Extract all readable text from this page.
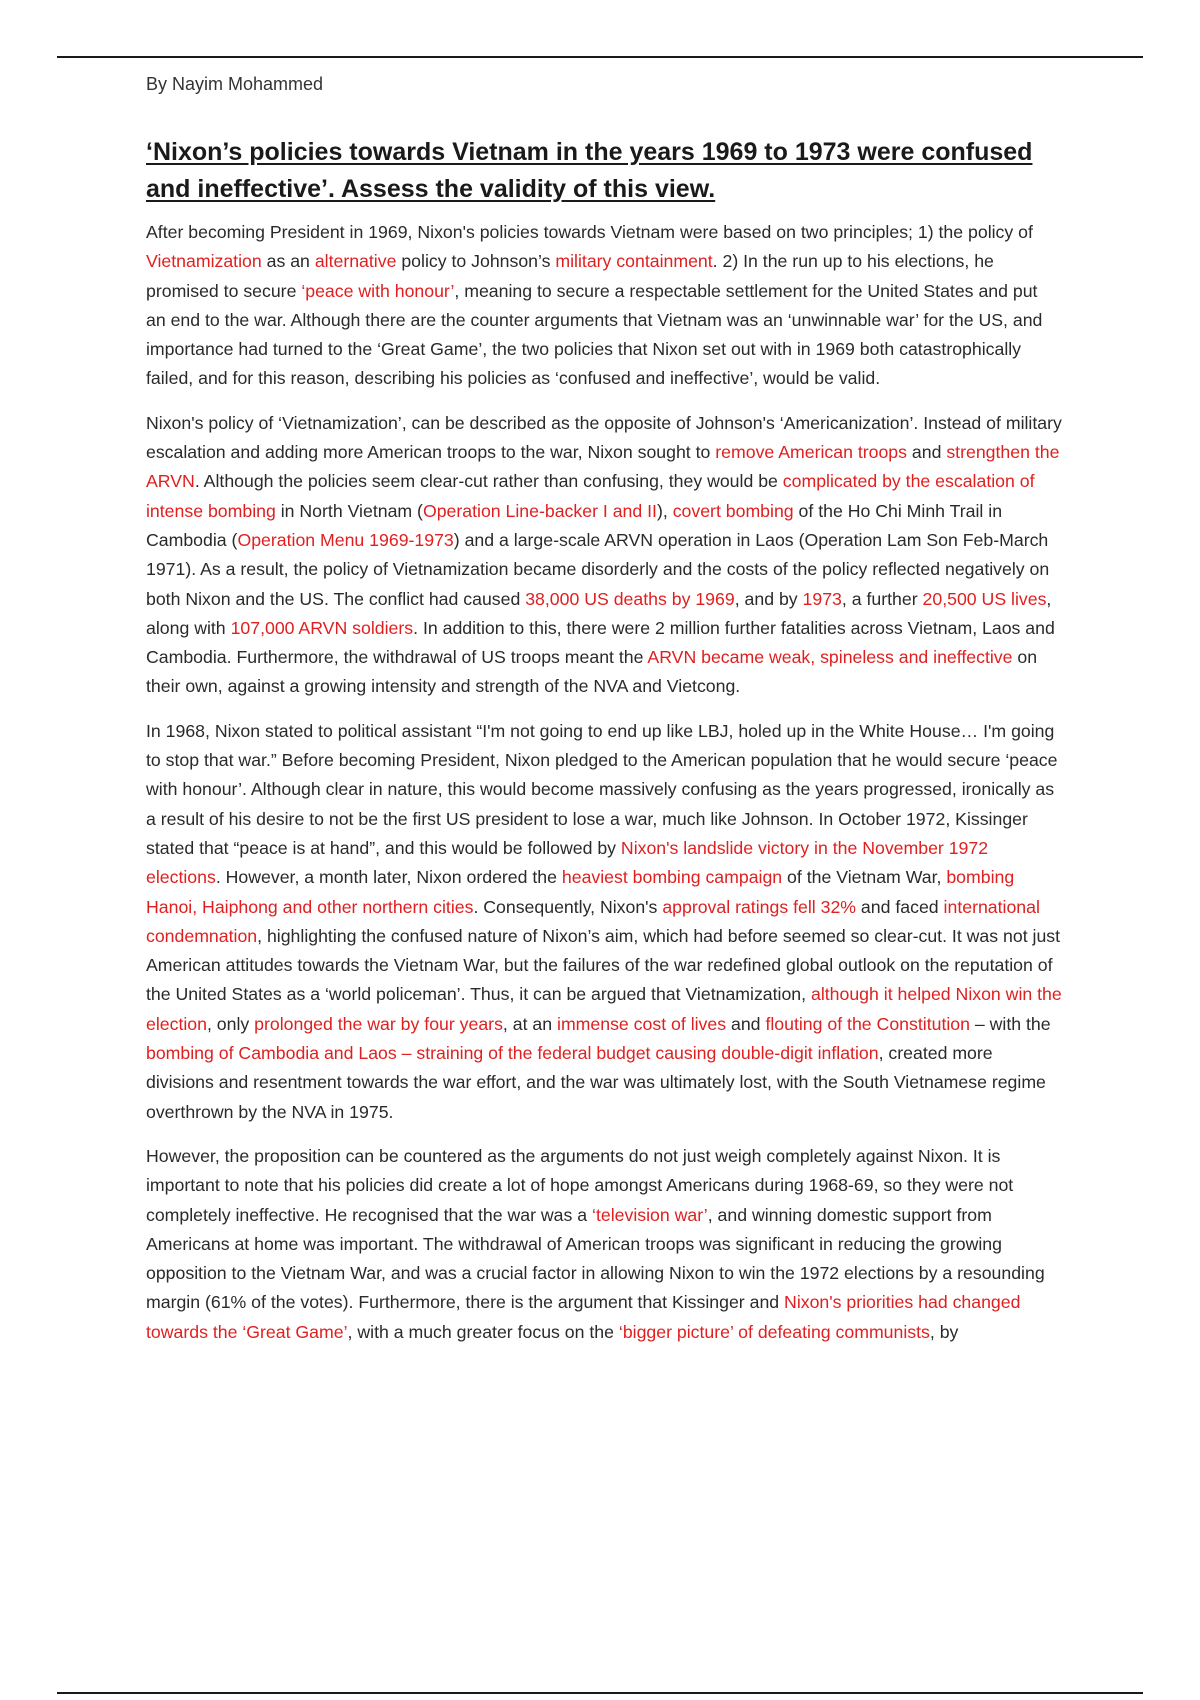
By Nayim Mohammed
‘Nixon’s policies towards Vietnam in the years 1969 to 1973 were confused and ineffective’. Assess the validity of this view.

After becoming President in 1969, Nixon's policies towards Vietnam were based on two principles; 1) the policy of Vietnamization as an alternative policy to Johnson’s military containment. 2) In the run up to his elections, he promised to secure ‘peace with honour’, meaning to secure a respectable settlement for the United States and put an end to the war. Although there are the counter arguments that Vietnam was an ‘unwinnable war’ for the US, and importance had turned to the ‘Great Game’, the two policies that Nixon set out with in 1969 both catastrophically failed, and for this reason, describing his policies as ‘confused and ineffective’, would be valid.

Nixon's policy of ‘Vietnamization’, can be described as the opposite of Johnson's ‘Americanization’. Instead of military escalation and adding more American troops to the war, Nixon sought to remove American troops and strengthen the ARVN. Although the policies seem clear-cut rather than confusing, they would be complicated by the escalation of intense bombing in North Vietnam (Operation Line-backer I and II), covert bombing of the Ho Chi Minh Trail in Cambodia (Operation Menu 1969-1973) and a large-scale ARVN operation in Laos (Operation Lam Son Feb-March 1971). As a result, the policy of Vietnamization became disorderly and the costs of the policy reflected negatively on both Nixon and the US. The conflict had caused 38,000 US deaths by 1969, and by 1973, a further 20,500 US lives, along with 107,000 ARVN soldiers. In addition to this, there were 2 million further fatalities across Vietnam, Laos and Cambodia. Furthermore, the withdrawal of US troops meant the ARVN became weak, spineless and ineffective on their own, against a growing intensity and strength of the NVA and Vietcong.

In 1968, Nixon stated to political assistant “I'm not going to end up like LBJ, holed up in the White House… I'm going to stop that war.” Before becoming President, Nixon pledged to the American population that he would secure ‘peace with honour’. Although clear in nature, this would become massively confusing as the years progressed, ironically as a result of his desire to not be the first US president to lose a war, much like Johnson. In October 1972, Kissinger stated that “peace is at hand”, and this would be followed by Nixon's landslide victory in the November 1972 elections. However, a month later, Nixon ordered the heaviest bombing campaign of the Vietnam War, bombing Hanoi, Haiphong and other northern cities. Consequently, Nixon's approval ratings fell 32% and faced international condemnation, highlighting the confused nature of Nixon’s aim, which had before seemed so clear-cut. It was not just American attitudes towards the Vietnam War, but the failures of the war redefined global outlook on the reputation of the United States as a ‘world policeman’. Thus, it can be argued that Vietnamization, although it helped Nixon win the election, only prolonged the war by four years, at an immense cost of lives and flouting of the Constitution – with the bombing of Cambodia and Laos – straining of the federal budget causing double-digit inflation, created more divisions and resentment towards the war effort, and the war was ultimately lost, with the South Vietnamese regime overthrown by the NVA in 1975.

However, the proposition can be countered as the arguments do not just weigh completely against Nixon. It is important to note that his policies did create a lot of hope amongst Americans during 1968-69, so they were not completely ineffective. He recognised that the war was a ‘television war’, and winning domestic support from Americans at home was important. The withdrawal of American troops was significant in reducing the growing opposition to the Vietnam War, and was a crucial factor in allowing Nixon to win the 1972 elections by a resounding margin (61% of the votes). Furthermore, there is the argument that Kissinger and Nixon's priorities had changed towards the ‘Great Game’, with a much greater focus on the ‘bigger picture’ of defeating communists, by
